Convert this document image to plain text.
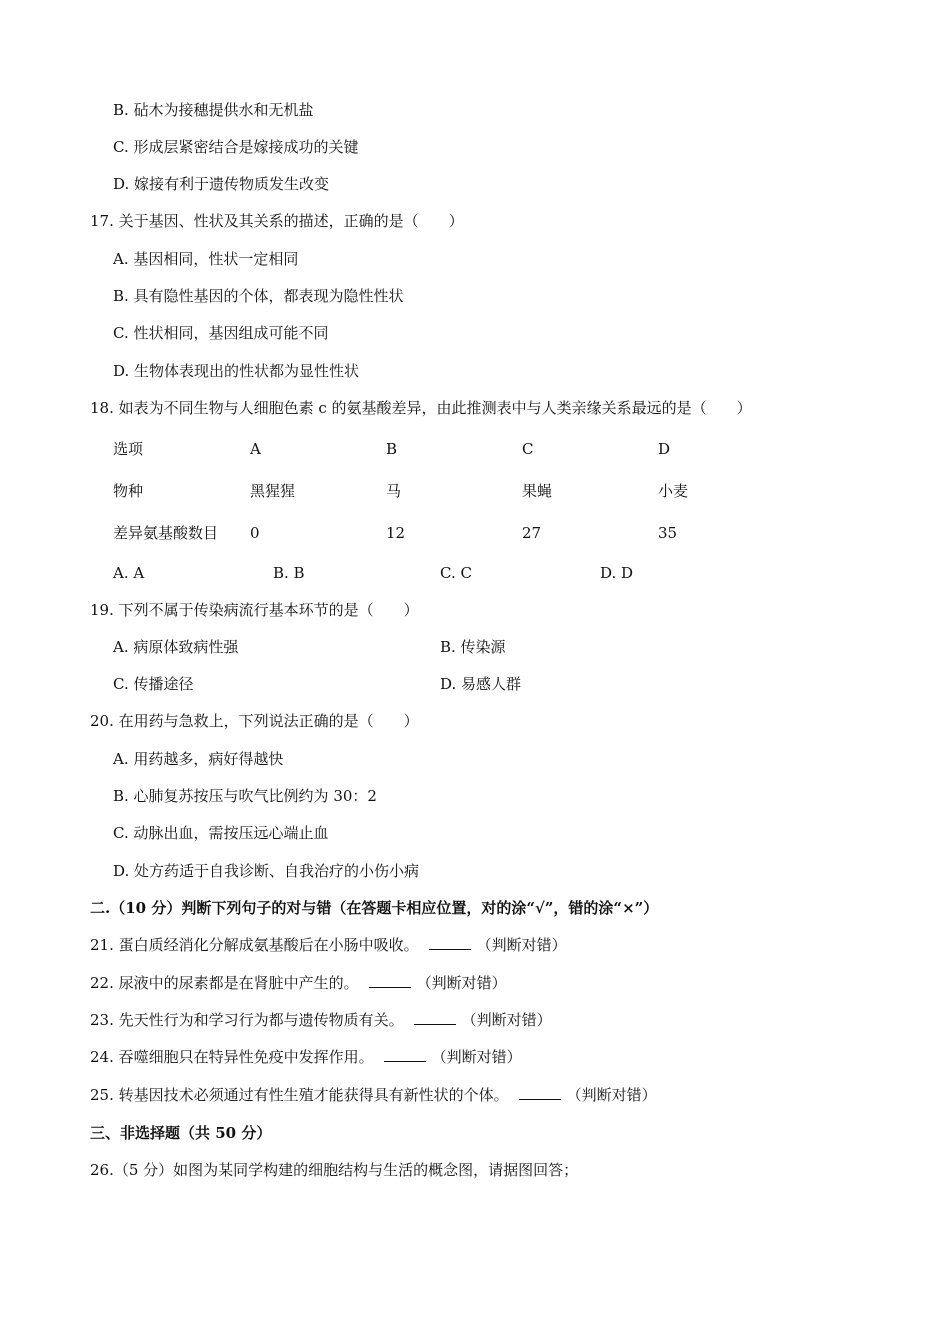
B. 砧木为接穗提供水和无机盐
C. 形成层紧密结合是嫁接成功的关键
D. 嫁接有利于遗传物质发生改变
17. 关于基因、性状及其关系的描述，正确的是（　　）
A. 基因相同，性状一定相同
B. 具有隐性基因的个体，都表现为隐性性状
C. 性状相同，基因组成可能不同
D. 生物体表现出的性状都为显性性状
18. 如表为不同生物与人细胞色素 c 的氨基酸差异，由此推测表中与人类亲缘关系最远的是（　　）
选项	A	B	C	D
物种	黑猩猩	马	果蝇	小麦
差异氨基酸数目 0	12	27	35
A. A	B. B	C. C	D. D
19. 下列不属于传染病流行基本环节的是（　　）
A. 病原体致病性强	B. 传染源
C. 传播途径	D. 易感人群
20. 在用药与急救上，下列说法正确的是（　　）
A. 用药越多，病好得越快
B. 心肺复苏按压与吹气比例约为 30：2
C. 动脉出血，需按压远心端止血
D. 处方药适于自我诊断、自我治疗的小伤小病
二.（10 分）判断下列句子的对与错（在答题卡相应位置，对的涂“√”，错的涂“×”）
21. 蛋白质经消化分解成氨基酸后在小肠中吸收。	（判断对错）
22. 尿液中的尿素都是在肾脏中产生的。	（判断对错）
23. 先天性行为和学习行为都与遗传物质有关。	（判断对错）
24. 吞噬细胞只在特异性免疫中发挥作用。	（判断对错）
25. 转基因技术必须通过有性生殖才能获得具有新性状的个体。	（判断对错）
三、非选择题（共 50 分）
26.（5 分）如图为某同学构建的细胞结构与生活的概念图，请据图回答；
